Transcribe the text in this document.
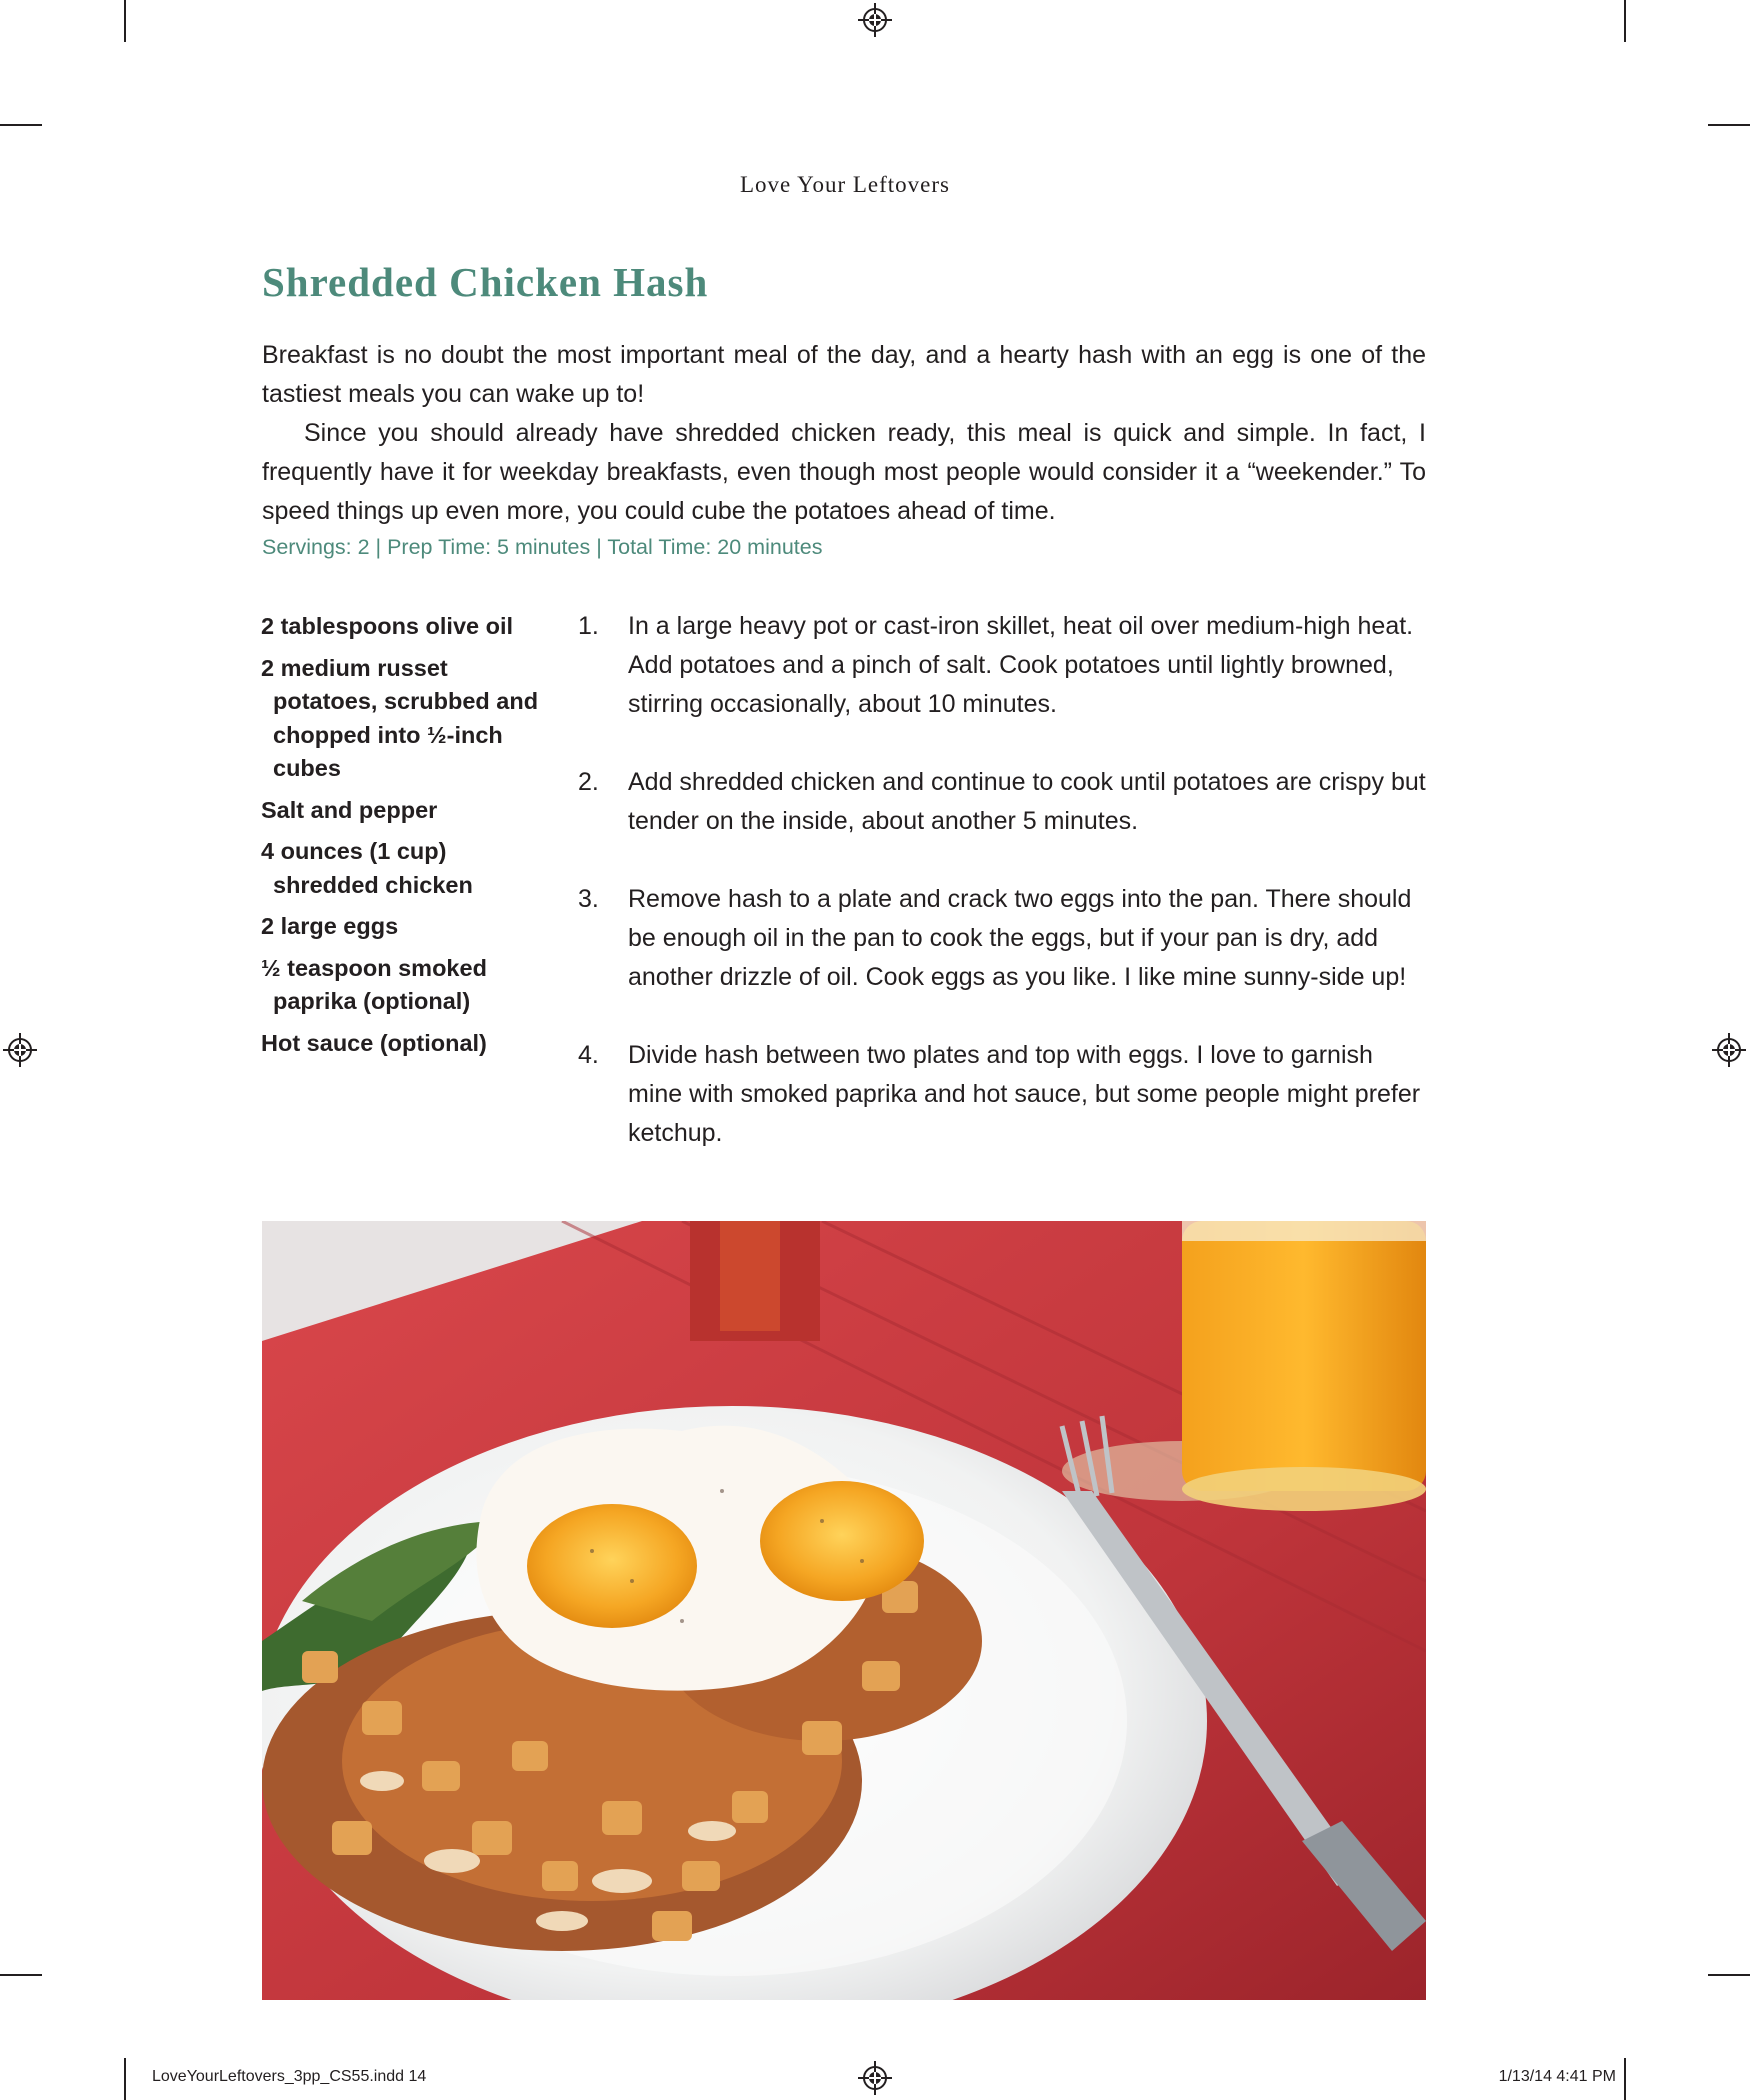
Love Your Leftovers
Shredded Chicken Hash

Breakfast is no doubt the most important meal of the day, and a hearty hash with an egg is one of the tastiest meals you can wake up to!

Since you should already have shredded chicken ready, this meal is quick and simple. In fact, I frequently have it for weekday breakfasts, even though most people would consider it a “weekender.” To speed things up even more, you could cube the potatoes ahead of time.

Servings: 2 | Prep Time: 5 minutes | Total Time: 20 minutes
2 tablespoons olive oil
2 medium russet potatoes, scrubbed and chopped into ½-inch cubes
Salt and pepper
4 ounces (1 cup) shredded chicken
2 large eggs
½ teaspoon smoked paprika (optional)
Hot sauce (optional)
1. In a large heavy pot or cast-iron skillet, heat oil over medium-high heat. Add potatoes and a pinch of salt. Cook potatoes until lightly browned, stirring occasionally, about 10 minutes.
2. Add shredded chicken and continue to cook until potatoes are crispy but tender on the inside, about another 5 minutes.
3. Remove hash to a plate and crack two eggs into the pan. There should be enough oil in the pan to cook the eggs, but if your pan is dry, add another drizzle of oil. Cook eggs as you like. I like mine sunny-side up!
4. Divide hash between two plates and top with eggs. I love to garnish mine with smoked paprika and hot sauce, but some people might prefer ketchup.
LoveYourLeftovers_3pp_CS55.indd 14	1/13/14 4:41 PM
